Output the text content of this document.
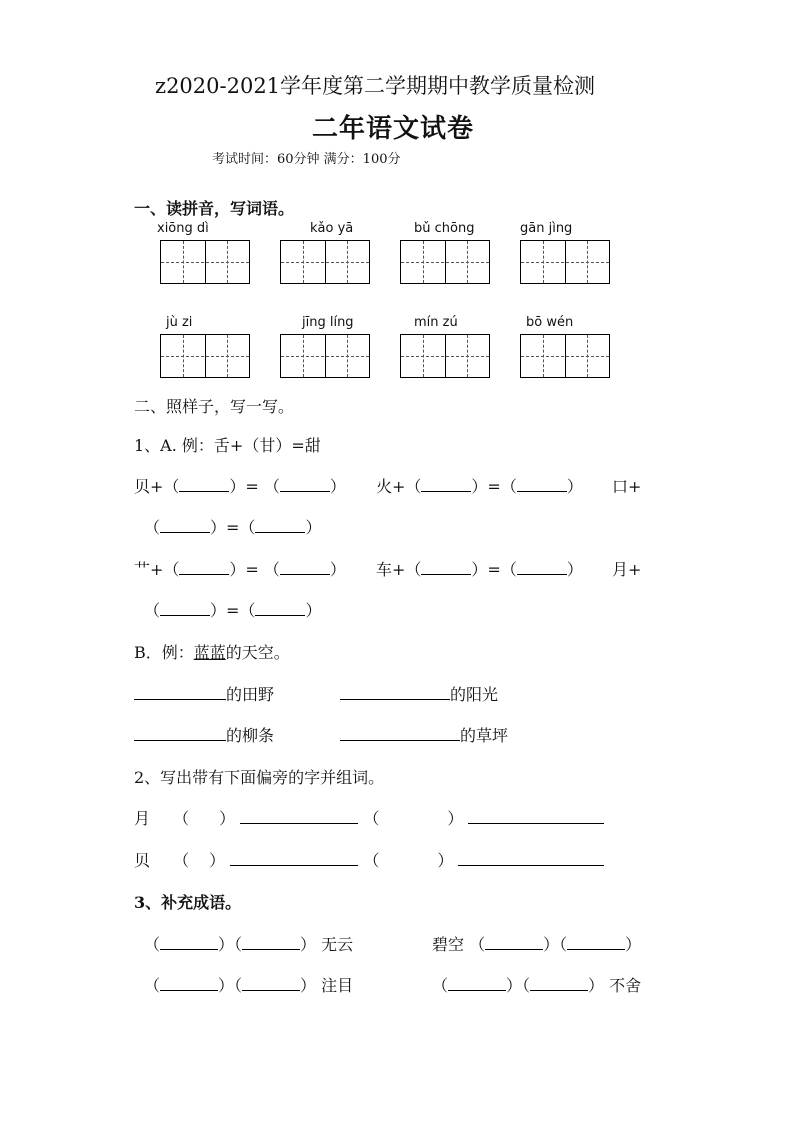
z2020-2021学年度第二学期期中教学质量检测
二年语文试卷
考试时间：60分钟 满分：100分
一、读拼音，写词语。
xiōng dì	kǎo yā	bǔ chōng	gān jìng
jù zi	jīng líng	mín zú	bō wén
二、照样子，写一写。
1、A. 例：舌+（甘）=甜
贝+（	）= （	） 火+（	）=（	） 口+
（	）=（	）
艹+（	）= （	） 车+（	）=（	） 月+
（	）=（	）
B．例：蓝蓝的天空。
的田野	的阳光
的柳条	的草坪
2、写出带有下面偏旁的字并组词。
月 （ ）	（	）
贝 （ ）	（	）
3、补充成语。
（	）（	） 无云	碧空 （	）（	）
（	）（	） 注目	（	）（	） 不舍
